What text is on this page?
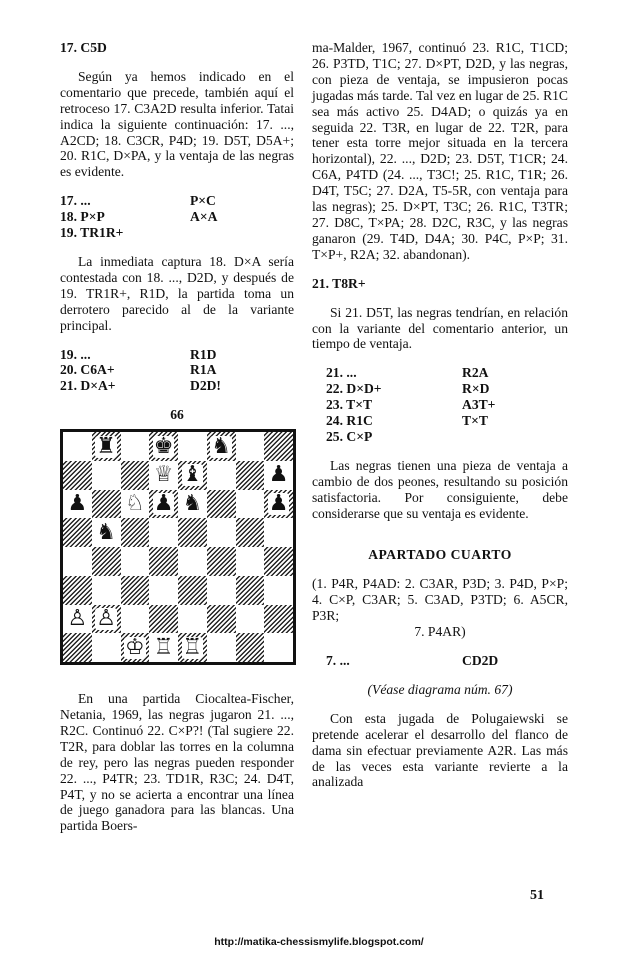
17. C5D

Según ya hemos indicado en el comentario que precede, también aquí el retroceso 17. C3A2D resulta inferior. Tatai indica la siguiente continuación: 17. ..., A2CD; 18. C3CR, P4D; 19. D5T, D5A+; 20. R1C, D×PA, y la ventaja de las negras es evidente.

17. ...	P×C
18. P×P	A×A
19. TR1R+

La inmediata captura 18. D×A sería contestada con 18. ..., D2D, y después de 19. TR1R+, R1D, la partida toma un derrotero parecido al de la variante principal.

19. ...	R1D
20. C6A+	R1A
21. D×A+	D2D!

66

♜ ♚ ♞
♕ ♝	♟
♟ ♘ ♟ ♞	♟
♞
♙ ♙
♔ ♖ ♖

En una partida Ciocaltea-Fischer, Netania, 1969, las negras jugaron 21. ..., R2C. Continuó 22. C×P?! (Tal sugiere 22. T2R, para doblar las torres en la columna de rey, pero las negras pueden responder 22. ..., P4TR; 23. TD1R, R3C; 24. D4T, P4T, y no se acierta a encontrar una línea de juego ganadora para las blancas. Una partida Boers-

ma-Malder, 1967, continuó 23. R1C, T1CD; 26. P3TD, T1C; 27. D×PT, D2D, y las negras, con pieza de ventaja, se impusieron pocas jugadas más tarde. Tal vez en lugar de 25. R1C sea más activo 25. D4AD; o quizás ya en seguida 22. T3R, en lugar de 22. T2R, para tener esta torre mejor situada en la tercera horizontal), 22. ..., D2D; 23. D5T, T1CR; 24. C6A, P4TD (24. ..., T3C!; 25. R1C, T1R; 26. D4T, T5C; 27. D2A, T5-5R, con ventaja para las negras); 25. D×PT, T3C; 26. R1C, T3TR; 27. D8C, T×PA; 28. D2C, R3C, y las negras ganaron (29. T4D, D4A; 30. P4C, P×P; 31. T×P+, R2A; 32. abandonan).

21. T8R+

Si 21. D5T, las negras tendrían, en relación con la variante del comentario anterior, un tiempo de ventaja.

21. ...	R2A
22. D×D+	R×D
23. T×T	A3T+
24. R1C	T×T
25. C×P

Las negras tienen una pieza de ventaja a cambio de dos peones, resultando su posición satisfactoria. Por consiguiente, debe considerarse que su ventaja es evidente.

APARTADO CUARTO

(1. P4R, P4AD: 2. C3AR, P3D; 3. P4D, P×P; 4. C×P, C3AR; 5. C3AD, P3TD; 6. A5CR, P3R;

7. P4AR)

7. ...	CD2D

(Véase diagrama núm. 67)

Con esta jugada de Polugaiewski se pretende acelerar el desarrollo del flanco de dama sin efectuar previamente A2R. Las más de las veces esta variante revierte a la analizada

51
http://matika-chessismylife.blogspot.com/
